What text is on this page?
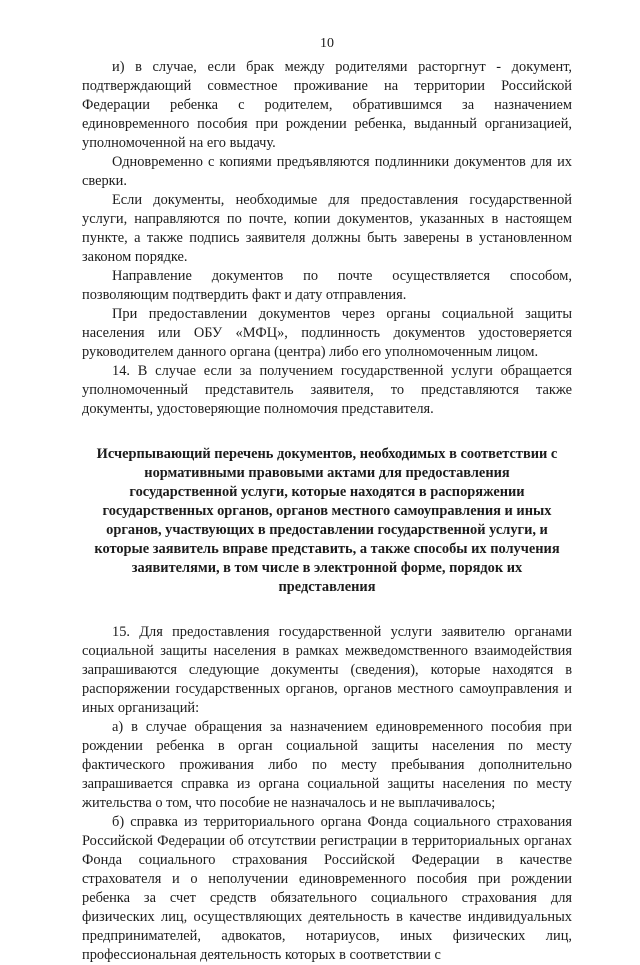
10

и) в случае, если брак между родителями расторгнут - документ, подтверждающий совместное проживание на территории Российской Федерации ребенка с родителем, обратившимся за назначением единовременного пособия при рождении ребенка, выданный организацией, уполномоченной на его выдачу.

Одновременно с копиями предъявляются подлинники документов для их сверки.

Если документы, необходимые для предоставления государственной услуги, направляются по почте, копии документов, указанных в настоящем пункте, а также подпись заявителя должны быть заверены в установленном законом порядке.

Направление документов по почте осуществляется способом, позволяющим подтвердить факт и дату отправления.

При предоставлении документов через органы социальной защиты населения или ОБУ «МФЦ», подлинность документов удостоверяется руководителем данного органа (центра) либо его уполномоченным лицом.

14. В случае если за получением государственной услуги обращается уполномоченный представитель заявителя, то представляются также документы, удостоверяющие полномочия представителя.

Исчерпывающий перечень документов, необходимых в соответствии с нормативными правовыми актами для предоставления государственной услуги, которые находятся в распоряжении государственных органов, органов местного самоуправления и иных органов, участвующих в предоставлении государственной услуги, и которые заявитель вправе представить, а также способы их получения заявителями, в том числе в электронной форме, порядок их представления

15. Для предоставления государственной услуги заявителю органами социальной защиты населения в рамках межведомственного взаимодействия запрашиваются следующие документы (сведения), которые находятся в распоряжении государственных органов, органов местного самоуправления и иных организаций:

а) в случае обращения за назначением единовременного пособия при рождении ребенка в орган социальной защиты населения по месту фактического проживания либо по месту пребывания дополнительно запрашивается справка из органа социальной защиты населения по месту жительства о том, что пособие не назначалось и не выплачивалось;

б) справка из территориального органа Фонда социального страхования Российской Федерации об отсутствии регистрации в территориальных органах Фонда социального страхования Российской Федерации в качестве страхователя и о неполучении единовременного пособия при рождении ребенка за счет средств обязательного социального страхования для физических лиц, осуществляющих деятельность в качестве индивидуальных предпринимателей, адвокатов, нотариусов, иных физических лиц, профессиональная деятельность которых в соответствии с
